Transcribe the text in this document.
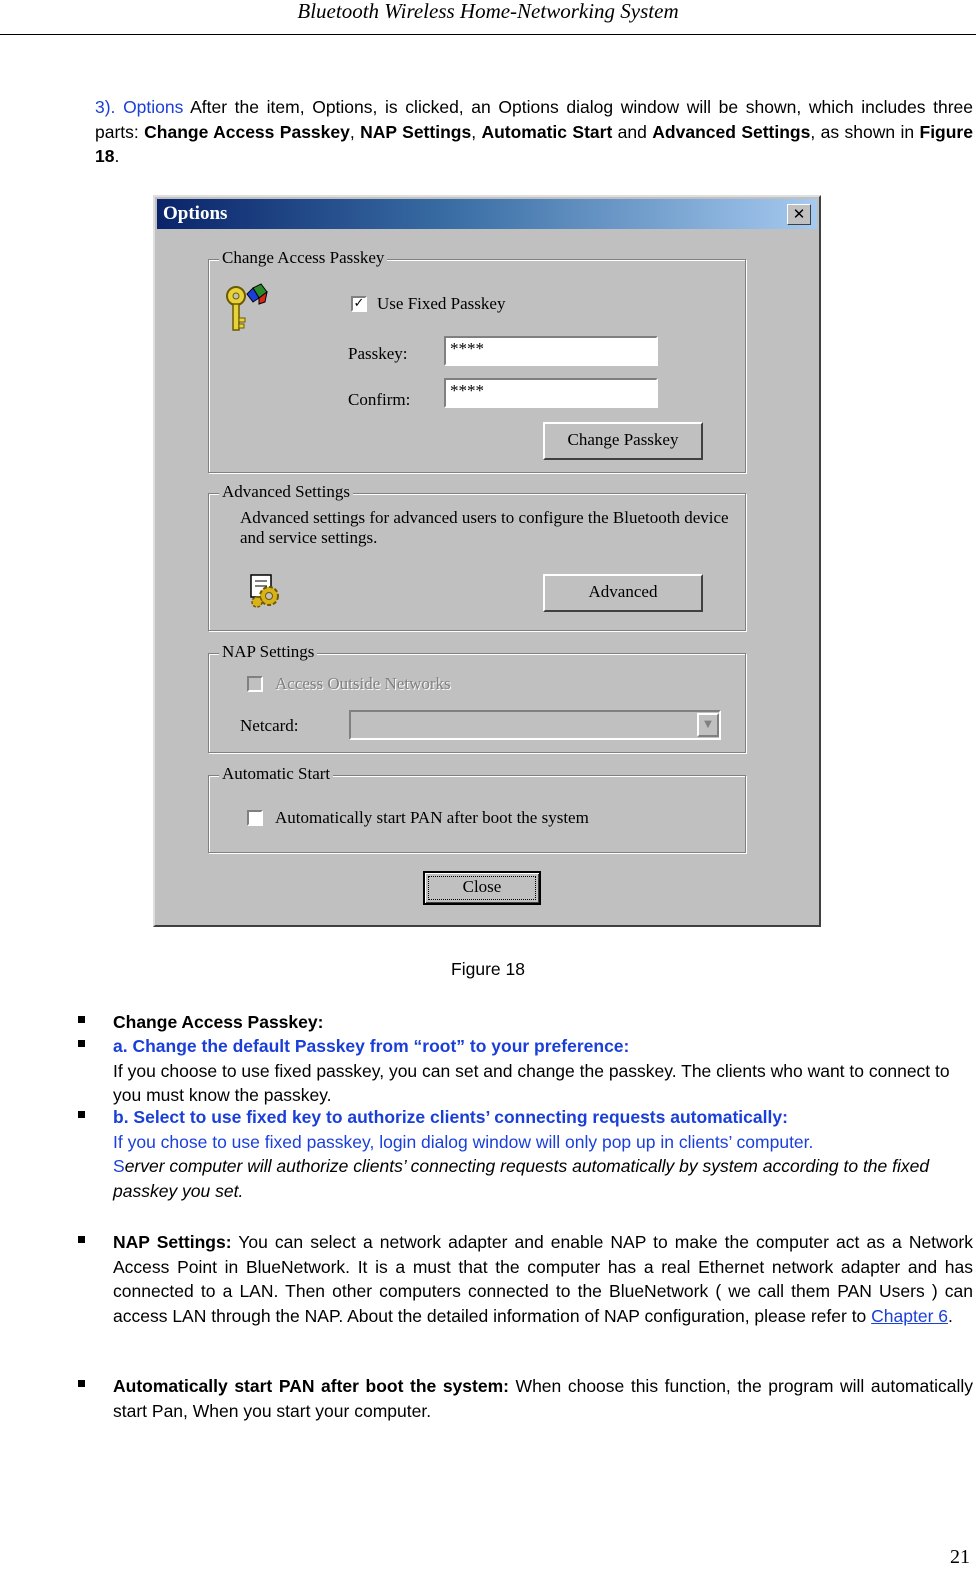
Bluetooth Wireless Home-Networking System
3). Options After the item, Options, is clicked, an Options dialog window will be shown, which includes three parts: Change Access Passkey, NAP Settings, Automatic Start and Advanced Settings, as shown in Figure 18.
Options	✕
Change Access Passkey
✓ Use Fixed Passkey
Passkey:	****
Confirm:	****
Change Passkey
Advanced Settings
Advanced settings for advanced users to configure the Bluetooth device and service settings.
Advanced
NAP Settings
Access Outside Networks
Netcard:	▼
Automatic Start
Automatically start PAN after boot the system
Close
Figure 18
Change Access Passkey:
a. Change the default Passkey from “root” to your preference:
If you choose to use fixed passkey, you can set and change the passkey. The clients who want to connect to you must know the passkey.
b. Select to use fixed key to authorize clients’ connecting requests automatically:
If you chose to use fixed passkey, login dialog window will only pop up in clients’ computer.
Server computer will authorize clients’ connecting requests automatically by system according to the fixed passkey you set.
NAP Settings: You can select a network adapter and enable NAP to make the computer act as a Network Access Point in BlueNetwork. It is a must that the computer has a real Ethernet network adapter and has connected to a LAN. Then other computers connected to the BlueNetwork ( we call them PAN Users ) can access LAN through the NAP. About the detailed information of NAP configuration, please refer to Chapter 6.
Automatically start PAN after boot the system: When choose this function, the program will automatically start Pan, When you start your computer.
21
